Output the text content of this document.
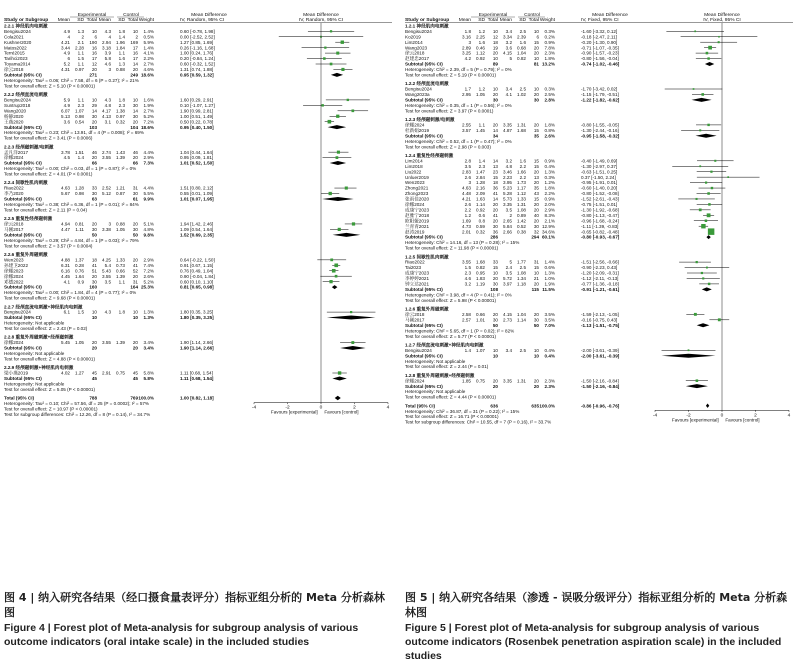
Experimental	Control	Mean Difference	Mean Difference
Study or Subgroup Mean SD Total Mean SD Total Weight	IV, Random, 95% CI	IV, Random, 95% CI
2.2.1 神经肌肉电刺激
Bengisu2024	4.9 1.3 10 4.3 1.8 10 1.4%	0.60 [-0.78, 1.98]
Cola2021	4 2 6 4 1.4 2 0.5%	0.00 [-2.52, 2.52]
Kushner2020	4.21 2.1 190 2.94 1.96 169 5.9%	1.27 [0.85, 1.69]
Matos2022	3.44 2.28 16 3.18 1.84 17 1.4%	0.26 [-1.16, 1.68]
Terré2015	4.9 1.1 16 3.9 1.1 16 4.1%	1.00 [0.24, 1.76]
Tarihci2023	6 1.5 17 5.8 1.6 17 2.2%	0.20 [-0.84, 1.24]
Toyama2014	5.2 1.1 12 4.6 1.3 14 2.7%	0.60 [-0.32, 1.52]
徐云2018	4.31 0.97 20 3 0.88 20 4.6%	1.31 [0.74, 1.88]
Subtotal (95% CI)	271	249 18.6%	0.95 [0.59, 1.32]
Heterogeneity: Tau² = 0.06; Chi² = 7.58, df = 6 (P = 0.27); I² = 21%
Test for overall effect: Z = 5.10 (P < 0.00001)
2.2.2 经颅直流电刺激
Bengisu2024	5.9 1.1 10 4.3 1.8 10 1.6%	1.60 [0.29, 2.91]
Suntrup2018	4.9 2.3 29 4.8 2.3 30 1.9%	0.10 [-1.07, 1.27]
Wang2020	6.07 1.07 14 4.17 1.38 14 2.7%	1.90 [0.99, 2.81]
杨静2020	5.13 0.98 30 4.13 0.97 30 5.2%	1.00 [0.51, 1.49]
王燕2020	3.6 0.54 20 3.1 0.32 20 7.2%	0.50 [0.22, 0.78]
Subtotal (95% CI)	103	104 18.6%	0.95 [0.40, 1.50]
Heterogeneity: Tau² = 0.23; Chi² = 13.91, df = 4 (P = 0.008); I² = 69%
Test for overall effect: Z = 3.41 (P = 0.0006)
2.2.3 经颅磁刺激/电刺激
孟凡洋2017	3.78 1.51 46 2.74 1.43 46 4.4%	1.04 [0.44, 1.64]
徐娜2024	4.5 1.4 20 3.55 1.39 20 2.9%	0.95 [0.09, 1.81]
Subtotal (95% CI)	66	66 7.3%	1.01 [0.52, 1.50]
Heterogeneity: Tau² = 0.00; Chi² = 0.03, df = 1 (P = 0.87); I² = 0%
Test for overall effect: Z = 4.01 (P < 0.0001)
2.2.4 间歇性肌肉刺激
Riao2022	4.63 1.28 33 2.52 1.21 31 4.4%	1.51 [0.80, 2.12]
李乃2020	5.67 0.98 30 5.12 0.87 30 5.5%	0.55 [0.01, 1.09]
Subtotal (95% CI)	63	61 9.9%	1.01 [0.07, 1.95]
Heterogeneity: Tau² = 0.38; Chi² = 6.36, df = 1 (P = 0.01); I² = 84%
Test for overall effect: Z = 2.11 (P = 0.04)
2.2.5 重复性经颅磁刺激
徐云2018	4.94 0.81 20 3 0.88 20 5.1%	1.94 [1.42, 2.46]
马刚2017	4.47 1.11 30 3.38 1.05 30 4.8%	1.09 [0.54, 1.64]
Subtotal (95% CI)	50	50 9.8%	1.52 [0.69, 2.35]
Heterogeneity: Tau² = 0.29; Chi² = 4.84, df = 1 (P = 0.03); I² = 79%
Test for overall effect: Z = 3.57 (P = 0.0004)
2.2.6 重复外周磁刺激
Wen2023	4.88 1.37 18 4.25 1.33 20 2.9%	0.64 [-0.22, 1.50]
孙建卫2022	6.31 0.28 41 5.4 0.73 41 7.4%	0.91 [0.67, 1.15]
徐娜2023	6.16 0.76 51 5.43 0.66 52 7.2%	0.76 [0.49, 1.04]
徐娜2024	4.45 1.64 20 3.55 1.39 20 2.6%	0.90 [-0.04, 1.84]
邓德2022	4.1 0.9 30 3.5 1.1 31 5.2%	0.60 [0.10, 1.10]
Subtotal (95% CI)	160	164 25.3%	0.81 [0.65, 0.98]
Heterogeneity: Tau² = 0.00; Chi² = 1.84, df = 4 (P = 0.77); I² = 0%
Test for overall effect: Z = 9.68 (P < 0.00001)
2.2.7 经颅直流电刺激+神经肌肉电刺激
Bengisu2024	6.1 1.5 10 4.3 1.8 10 1.3%	1.80 [0.35, 3.25]
Subtotal (95% CI)	10	10 1.3%	1.80 [0.35, 3.25]
Heterogeneity: Not applicable
Test for overall effect: Z = 2.43 (P = 0.02)
2.2.8 重复外周磁刺激+经颅磁刺激
徐娜2024	5.45 1.05 20 3.55 1.39 20 3.4%	1.90 [1.14, 2.66]
Subtotal (95% CI)	20	20 3.4%	1.90 [1.14, 2.66]
Heterogeneity: Not applicable
Test for overall effect: Z = 4.88 (P < 0.00001)
2.2.9 经颅磁刺激+神经肌肉电刺激
梁小燕2019	4.02 1.27 45 2.91 0.75 45 5.8%	1.11 [0.68, 1.54]
Subtotal (95% CI)	45	45 5.8%	1.11 [0.68, 1.54]
Heterogeneity: Not applicable
Test for overall effect: Z = 5.05 (P < 0.00001)
Total (95% CI)	788	769 100.0%	1.00 [0.82, 1.18]
-4	-2	0	2	4
Favours [experimental] Favours [control]
Heterogeneity: Tau² = 0.10; Chi² = 57.56, df = 25 (P = 0.0002); I² = 57%
Test for overall effect: Z = 10.97 (P < 0.00001)
Test for subgroup differences: Chi² = 12.26, df = 8 (P = 0.14), I² = 34.7%
Experimental	Control	Mean Difference	Mean Difference
Study or Subgroup Mean SD Total Mean SD Total Weight	IV, Fixed, 95% CI	IV, Fixed, 95% CI
1.2.1 神经肌肉电刺激
Bengisu2024	1.8 1.2 10 3.4 2.5 10 0.3%	-1.60 [-3.32, 0.12]
Ko2019	3.16 2.25 12 3.34 2.39 6 0.2%	-0.18 [-2.47, 2.11]
Lim2014	3 1.6 18 3.2 1.6 15 0.9%	-0.20 [-1.30, 0.90]
Wang2023	2.89 0.46 19 3.6 0.68 20 7.8%	-0.71 [-1.07, -0.35]
徐云2018	3.25 1.12 20 4.15 1.04 20 2.3%	-0.90 [-1.57, -0.23]
赵建忠2017	4.2 0.92 10 5 0.82 10 1.8%	-0.80 [-1.56, -0.04]
Subtotal (95% CI)	89	81 13.2%	-0.74 [-1.02, -0.46]
Heterogeneity: Chi² = 2.39, df = 5 (P = 0.79); I² = 0%
Test for overall effect: Z = 5.19 (P < 0.00001)
1.2.2 经颅直流电刺激
Bengisu2024	1.7 1.2 10 3.4 2.5 10 0.3%	-1.70 [-3.42, 0.02]
Wang2023a	2.95 1.05 20 4.1 1.02 20 2.5%	-1.15 [-1.79, -0.51]
Subtotal (95% CI)	30	30 2.8%	-1.22 [-1.82, -0.62]
Heterogeneity: Chi² = 0.35, df = 1 (P = 0.56); I² = 0%
Test for overall effect: Z = 3.97 (P < 0.0001)
1.2.3 经颅磁刺激/电刺激
徐娜2024	2.55 1.1 20 3.35 1.31 20 1.8%	-0.80 [-1.55, -0.05]
杜新娟2019	3.57 1.45 14 4.87 1.68 15 0.8%	-1.30 [-2.44, -0.16]
Subtotal (95% CI)	34	35 2.6%	-0.95 [-1.58, -0.32]
Heterogeneity: Chi² = 0.52, df = 1 (P = 0.47); I² = 0%
Test for overall effect: Z = 2.98 (P = 0.003)
1.2.4 重复性经颅磁刺激
Lim2014	2.8 1.4 14 3.2 1.6 15 0.9%	-0.40 [-1.49, 0.69]
Lim2018	3.5 2.3 13 4.8 2.2 15 0.4%	-1.30 [-2.97, 0.37]
Liu2022	2.83 1.47 23 3.46 1.66 20 1.3%	-0.63 [-1.51, 0.25]
Unluer2019	2.6 2.84 15 2.23 2.2 13 0.3%	0.37 [-1.50, 2.24]
Wen2023	3 1.28 18 3.95 1.73 20 1.2%	-0.95 [-1.91, 0.01]
Zhong2021	4.63 2.16 36 5.23 1.17 35 1.8%	-0.60 [-1.40, 0.20]
Zhong2023	4.48 2.09 41 5.28 1.12 43 2.2%	-0.80 [-1.52, -0.08]
张雨佳2020	4.21 1.63 14 5.73 1.33 15 0.9%	-1.52 [-2.61, -0.43]
徐娜2024	2.6 1.14 20 3.35 1.31 20 2.0%	-0.75 [-1.51, 0.01]
成康宁2023	2.2 0.92 20 3.5 1.08 20 2.9%	-1.30 [-1.92, -0.68]
赵雅宁2018	1.2 0.6 41 2 0.89 40 8.3%	-0.80 [-1.13, -0.47]
欧阳娅2019	1.69 0.8 20 2.65 1.42 20 2.1%	-0.96 [-1.68, -0.24]
兰青青2021	4.73 0.59 30 5.84 0.52 30 12.9%	-1.11 [-1.39, -0.83]
赵涛2019	2.01 0.32 36 2.66 0.38 32 34.6%	-0.65 [-0.82, -0.48]
Subtotal (95% CI)	286	294 60.1%	-0.80 [-0.93, -0.67]
Heterogeneity: Chi² = 14.16, df = 13 (P = 0.28); I² = 15%
Test for overall effect: Z = 11.98 (P < 0.00001)
1.2.5 间歇性肌肉刺激
Riao2022	3.55 1.68 33 5 1.77 31 1.4%	-1.51 [-2.56, -0.66]
Tai2023	1.5 0.82 15 2.4 2.5 15 0.6%	-0.90 [-2.23, 0.43]
成康宁2023	2.3 0.95 10 3.5 1.08 10 1.3%	-1.20 [-2.09, -0.31]
李婷婷2021	4.6 1.83 20 5.72 1.34 21 1.0%	-1.12 [-2.11, -0.13]
钟立达2021	3.2 1.19 30 3.97 1.18 20 1.9%	-0.77 [-1.36, -0.18]
Subtotal (95% CI)	108	115 11.5%	-0.91 [-1.21, -0.61]
Heterogeneity: Chi² = 3.98, df = 4 (P = 0.41); I² = 0%
Test for overall effect: Z = 5.98 (P < 0.00001)
1.2.6 重复外周磁刺激
徐云2018	2.58 0.66 20 4.15 1.04 20 3.5%	-1.59 [-2.13, -1.05]
马刚2017	2.57 1.01 30 2.73 1.14 30 3.5%	-0.16 [-0.75, 0.43]
Subtotal (95% CI)	50	50 7.0%	-1.13 [-1.51, -0.75]
Heterogeneity: Chi² = 5.65, df = 1 (P = 0.02); I² = 82%
Test for overall effect: Z = 5.77 (P < 0.00001)
1.2.7 经颅直流电刺激+神经肌肉电刺激
Bengisu2024	1.4 1.07 10 3.4 2.5 10 0.4%	-2.00 [-3.61, -0.39]
Subtotal (95% CI)	10	10 0.4%	-2.00 [-3.61, -0.39]
Heterogeneity: Not applicable
Test for overall effect: Z = 2.44 (P = 0.01)
1.2.8 重复外周磁刺激+经颅磁刺激
徐娜2024	1.85 0.75 20 3.35 1.31 20 2.3%	-1.50 [-2.16, -0.84]
Subtotal (95% CI)	20	20 2.3%	-1.50 [-2.16, -0.84]
Heterogeneity: Not applicable
Test for overall effect: Z = 4.44 (P < 0.00001)
Total (95% CI)	636	635 100.0%	-0.86 [-0.96, -0.76]
-4	-2	0	2	4
Favours [experimental] Favours [control]
Heterogeneity: Chi² = 36.87, df = 31 (P = 0.22); I² = 15%
Test for overall effect: Z = 16.71 (P < 0.00001)
Test for subgroup differences: Chi² = 10.55, df = 7 (P = 0.16), I² = 33.7%
图 4 | 纳入研究各结果（经口摄食量表评分）指标亚组分析的 Meta 分析森林图
Figure 4 | Forest plot of Meta-analysis for subgroup analysis of various outcome indicators (oral intake scale) in the included studies
图 5 | 纳入研究各结果（渗透 - 误吸分级评分）指标亚组分析的 Meta 分析森林图
Figure 5 | Forest plot of Meta-analysis for subgroup analysis of various outcome indicators (Rosenbek penetration aspiration scale) in the included studies
